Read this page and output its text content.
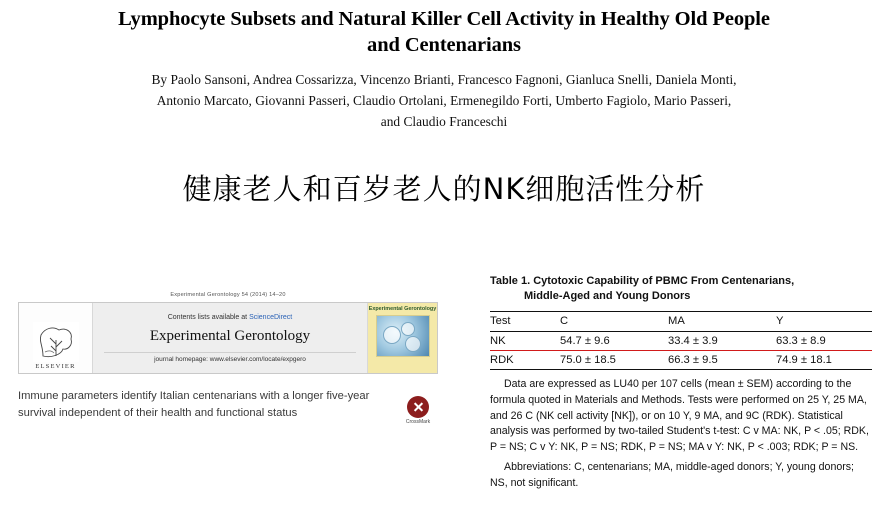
Lymphocyte Subsets and Natural Killer Cell Activity in Healthy Old People
and Centenarians
By Paolo Sansoni, Andrea Cossarizza, Vincenzo Brianti, Francesco Fagnoni, Gianluca Snelli, Daniela Monti,
Antonio Marcato, Giovanni Passeri, Claudio Ortolani, Ermenegildo Forti, Umberto Fagiolo, Mario Passeri,
and Claudio Franceschi
健康老人和百岁老人的NK细胞活性分析
Experimental Gerontology 54 (2014) 14–20
ELSEVIER
Contents lists available at ScienceDirect
Experimental Gerontology
journal homepage: www.elsevier.com/locate/expgero
Experimental Gerontology
Immune parameters identify Italian centenarians with a longer five-year survival independent of their health and functional status
CrossMark
Table 1. Cytotoxic Capability of PBMC From Centenarians,
Middle-Aged and Young Donors
Test	C	MA	Y
NK	54.7 ± 9.6	33.4 ± 3.9	63.3 ± 8.9
RDK	75.0 ± 18.5	66.3 ± 9.5	74.9 ± 18.1

Data are expressed as LU40 per 107 cells (mean ± SEM) according to the formula quoted in Materials and Methods. Tests were performed on 25 Y, 25 MA, and 26 C (NK cell activity [NK]), or on 10 Y, 9 MA, and 9C (RDK). Statistical analysis was performed by two-tailed Student's t-test: C v MA: NK, P < .05; RDK, P = NS; C v Y: NK, P = NS; RDK, P = NS; MA v Y: NK, P < .003; RDK; P = NS.

Abbreviations: C, centenarians; MA, middle-aged donors; Y, young donors; NS, not significant.
